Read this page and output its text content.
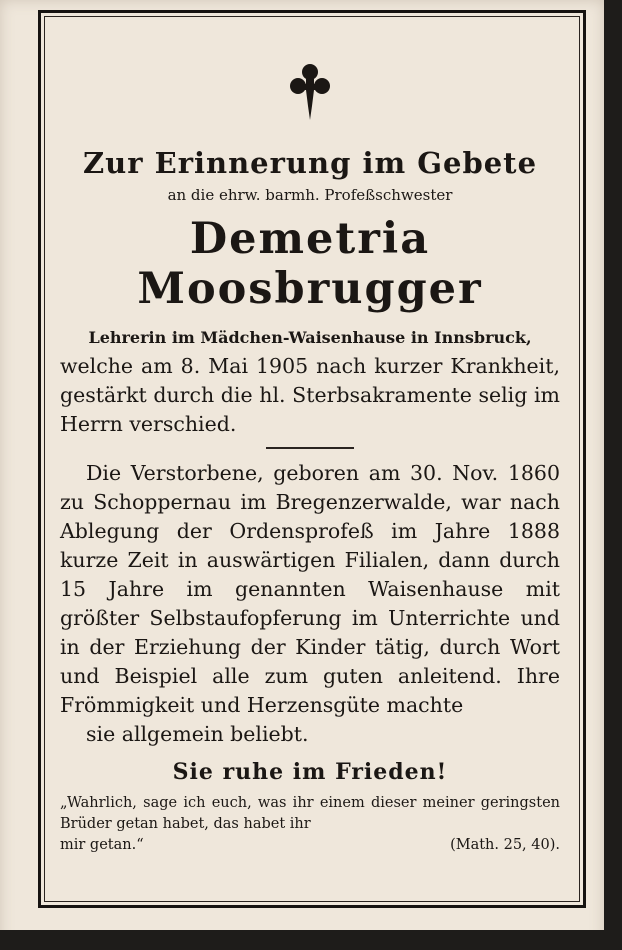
Zur Erinnerung im Gebete
an die ehrw. barmh. Profeßschwester
Demetria Moosbrugger
Lehrerin im Mädchen-Waisenhause in Innsbruck,
welche am 8. Mai 1905 nach kurzer Krankheit, gestärkt durch die hl. Sterbsakramente selig im Herrn verschied.
Die Verstorbene, geboren am 30. Nov. 1860 zu Schoppernau im Bregenzerwalde, war nach Ablegung der Ordensprofeß im Jahre 1888 kurze Zeit in auswärtigen Filialen, dann durch 15 Jahre im genannten Waisenhause mit größter Selbstaufopferung im Unterrichte und in der Erziehung der Kinder tätig, durch Wort und Beispiel alle zum guten anleitend. Ihre Frömmigkeit und Herzensgüte machte
sie allgemein beliebt.
Sie ruhe im Frieden!
„Wahrlich, sage ich euch, was ihr einem dieser meiner geringsten Brüder getan habet, das habet ihr
mir getan.“	(Math. 25, 40).
